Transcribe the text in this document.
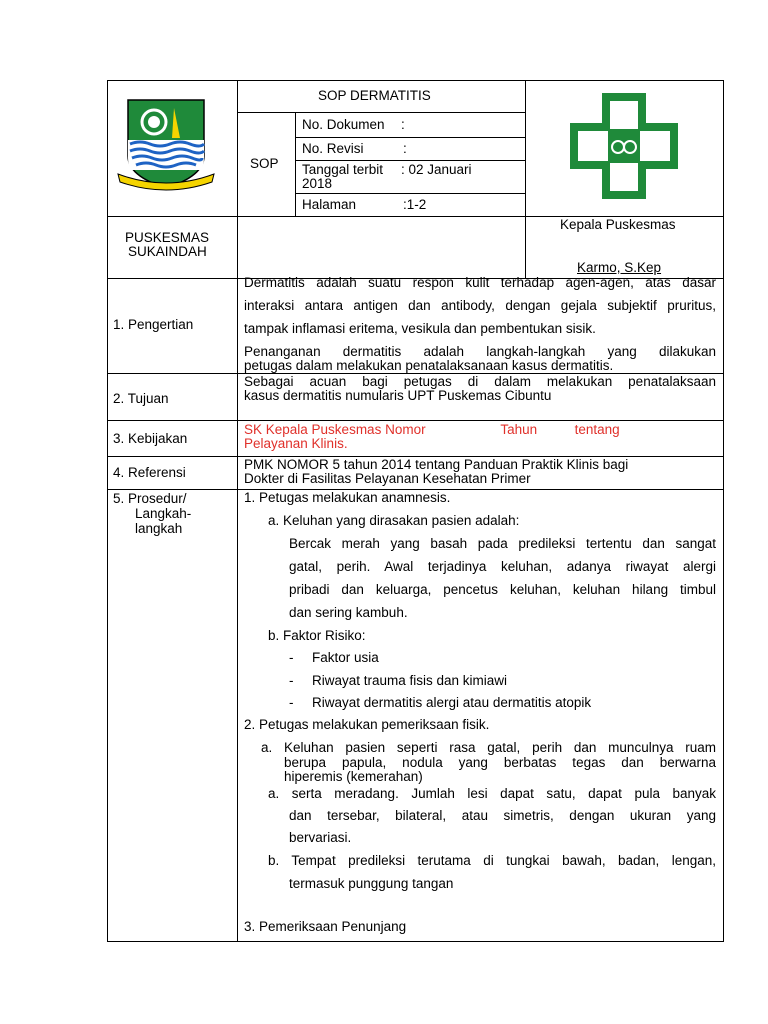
SOP DERMATITIS
SOP
No. Dokumen :
No. Revisi	:
Tanggal terbit
2018
: 02 Januari
Halaman	:1-2
PUSKESMAS
SUKAINDAH
Kepala Puskesmas
Karmo, S.Kep
1. Pengertian
Dermatitis adalah suatu respon kulit terhadap agen-agen, atas dasar
interaksi antara antigen dan antibody, dengan gejala subjektif pruritus,
tampak inflamasi eritema, vesikula dan pembentukan sisik.
Penanganan dermatitis adalah langkah-langkah yang dilakukan
petugas dalam melakukan penatalaksanaan kasus dermatitis.
2. Tujuan
Sebagai acuan bagi petugas di dalam melakukan penatalaksaan
kasus dermatitis numularis UPT Puskemas Cibuntu
3. Kebijakan
SK Kepala Puskesmas Nomor                    Tahun          tentang
Pelayanan Klinis.
4. Referensi
PMK NOMOR 5 tahun 2014 tentang Panduan Praktik Klinis bagi
Dokter di Fasilitas Pelayanan Kesehatan Primer
5. Prosedur/
Langkah-
langkah
1. Petugas melakukan anamnesis.
a. Keluhan yang dirasakan pasien adalah:
Bercak merah yang basah pada predileksi tertentu dan sangat
gatal, perih. Awal terjadinya keluhan, adanya riwayat alergi
pribadi dan keluarga, pencetus keluhan, keluhan hilang timbul
dan sering kambuh.
b. Faktor Risiko:
- Faktor usia
- Riwayat trauma fisis dan kimiawi
- Riwayat dermatitis alergi atau dermatitis atopik
2. Petugas melakukan pemeriksaan fisik.
a. Keluhan pasien seperti rasa gatal, perih dan munculnya ruam
berupa papula, nodula yang berbatas tegas dan berwarna
hiperemis (kemerahan)
a. serta meradang. Jumlah lesi dapat satu, dapat pula banyak
dan tersebar, bilateral, atau simetris, dengan ukuran yang
bervariasi.
b. Tempat predileksi terutama di tungkai bawah, badan, lengan,
termasuk punggung tangan
3. Pemeriksaan Penunjang
